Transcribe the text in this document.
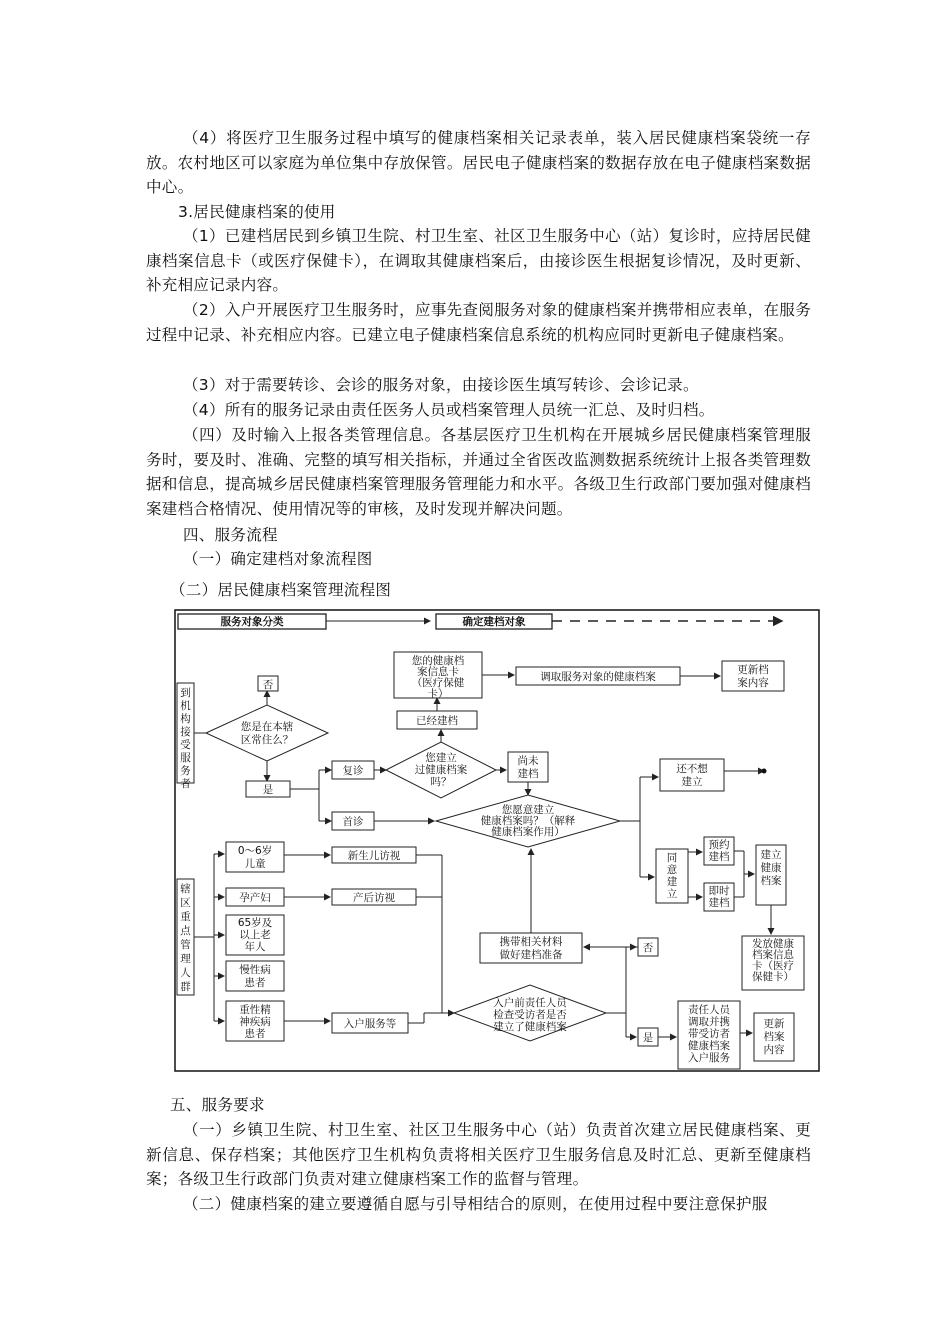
（4）将医疗卫生服务过程中填写的健康档案相关记录表单，装入居民健康档案袋统一存放。农村地区可以家庭为单位集中存放保管。居民电子健康档案的数据存放在电子健康档案数据中心。

3.居民健康档案的使用

（1）已建档居民到乡镇卫生院、村卫生室、社区卫生服务中心（站）复诊时，应持居民健康档案信息卡（或医疗保健卡），在调取其健康档案后，由接诊医生根据复诊情况，及时更新、补充相应记录内容。

（2）入户开展医疗卫生服务时，应事先查阅服务对象的健康档案并携带相应表单，在服务过程中记录、补充相应内容。已建立电子健康档案信息系统的机构应同时更新电子健康档案。

（3）对于需要转诊、会诊的服务对象，由接诊医生填写转诊、会诊记录。

（4）所有的服务记录由责任医务人员或档案管理人员统一汇总、及时归档。

（四）及时输入上报各类管理信息。各基层医疗卫生机构在开展城乡居民健康档案管理服务时，要及时、准确、完整的填写相关指标，并通过全省医改监测数据系统统计上报各类管理数据和信息，提高城乡居民健康档案管理服务管理能力和水平。各级卫生行政部门要加强对健康档案建档合格情况、使用情况等的审核，及时发现并解决问题。

四、服务流程

（一）确定建档对象流程图

（二）居民健康档案管理流程图

服务对象分类	确定建档对象
到机构接受服务者
辖区重点管理人群
您是在本辖区常住么？
否
是
复诊
首诊
您建立过健康档案吗？
已经建档
您的健康档案信息卡（医疗保健卡）
调取服务对象的健康档案
更新档案内容
尚未建档
您愿意建立健康档案吗？（解释健康档案作用）
还不想建立
同意建立
预约建档
即时建档
建立健康档案
发放健康档案信息卡（医疗保健卡）
0～6岁儿童
孕产妇
65岁及以上老年人
慢性病患者
重性精神疾病患者
新生儿访视
产后访视
入户服务等
入户前责任人员检查受访者是否建立了健康档案
否
是
携带相关材料做好建档准备
责任人员调取并携带受访者健康档案入户服务
更新档案内容

五、服务要求

（一）乡镇卫生院、村卫生室、社区卫生服务中心（站）负责首次建立居民健康档案、更新信息、保存档案；其他医疗卫生机构负责将相关医疗卫生服务信息及时汇总、更新至健康档案；各级卫生行政部门负责对建立健康档案工作的监督与管理。

（二）健康档案的建立要遵循自愿与引导相结合的原则，在使用过程中要注意保护服
